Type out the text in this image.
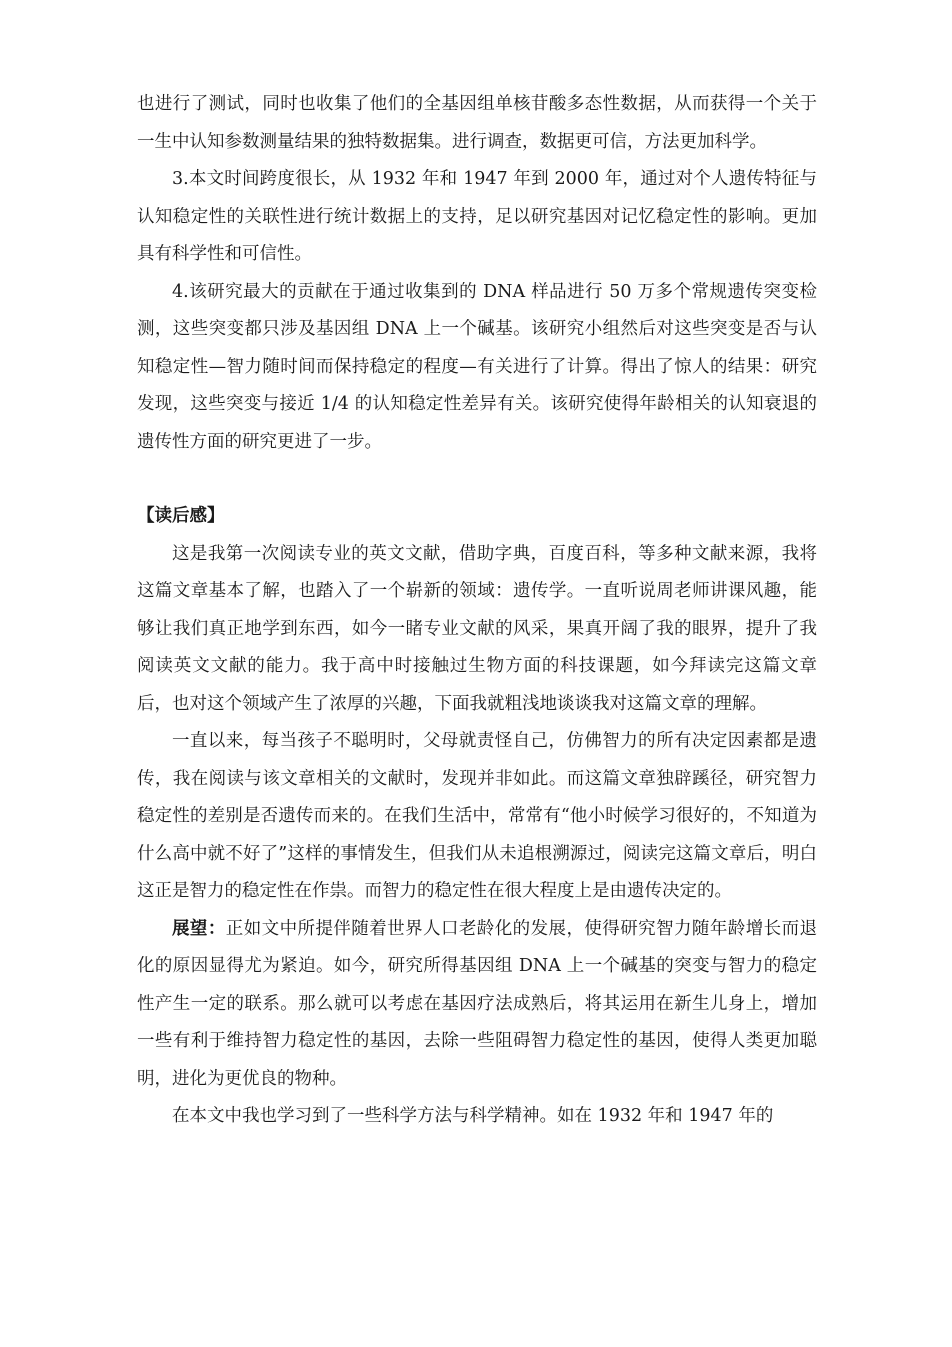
也进行了测试，同时也收集了他们的全基因组单核苷酸多态性数据，从而获得一个关于一生中认知参数测量结果的独特数据集。进行调查，数据更可信，方法更加科学。

3.本文时间跨度很长，从 1932 年和 1947 年到 2000 年，通过对个人遗传特征与认知稳定性的关联性进行统计数据上的支持，足以研究基因对记忆稳定性的影响。更加具有科学性和可信性。

4.该研究最大的贡献在于通过收集到的 DNA 样品进行 50 万多个常规遗传突变检测，这些突变都只涉及基因组 DNA 上一个碱基。该研究小组然后对这些突变是否与认知稳定性—智力随时间而保持稳定的程度—有关进行了计算。得出了惊人的结果：研究发现，这些突变与接近 1/4 的认知稳定性差异有关。该研究使得年龄相关的认知衰退的遗传性方面的研究更进了一步。

【读后感】

这是我第一次阅读专业的英文文献，借助字典，百度百科，等多种文献来源，我将这篇文章基本了解，也踏入了一个崭新的领域：遗传学。一直听说周老师讲课风趣，能够让我们真正地学到东西，如今一睹专业文献的风采，果真开阔了我的眼界，提升了我阅读英文文献的能力。我于高中时接触过生物方面的科技课题，如今拜读完这篇文章后，也对这个领域产生了浓厚的兴趣，下面我就粗浅地谈谈我对这篇文章的理解。

一直以来，每当孩子不聪明时，父母就责怪自己，仿佛智力的所有决定因素都是遗传，我在阅读与该文章相关的文献时，发现并非如此。而这篇文章独辟蹊径，研究智力稳定性的差别是否遗传而来的。在我们生活中，常常有“他小时候学习很好的，不知道为什么高中就不好了”这样的事情发生，但我们从未追根溯源过，阅读完这篇文章后，明白这正是智力的稳定性在作祟。而智力的稳定性在很大程度上是由遗传决定的。

展望：正如文中所提伴随着世界人口老龄化的发展，使得研究智力随年龄增长而退化的原因显得尤为紧迫。如今，研究所得基因组 DNA 上一个碱基的突变与智力的稳定性产生一定的联系。那么就可以考虑在基因疗法成熟后，将其运用在新生儿身上，增加一些有利于维持智力稳定性的基因，去除一些阻碍智力稳定性的基因，使得人类更加聪明，进化为更优良的物种。

在本文中我也学习到了一些科学方法与科学精神。如在 1932 年和 1947 年的
